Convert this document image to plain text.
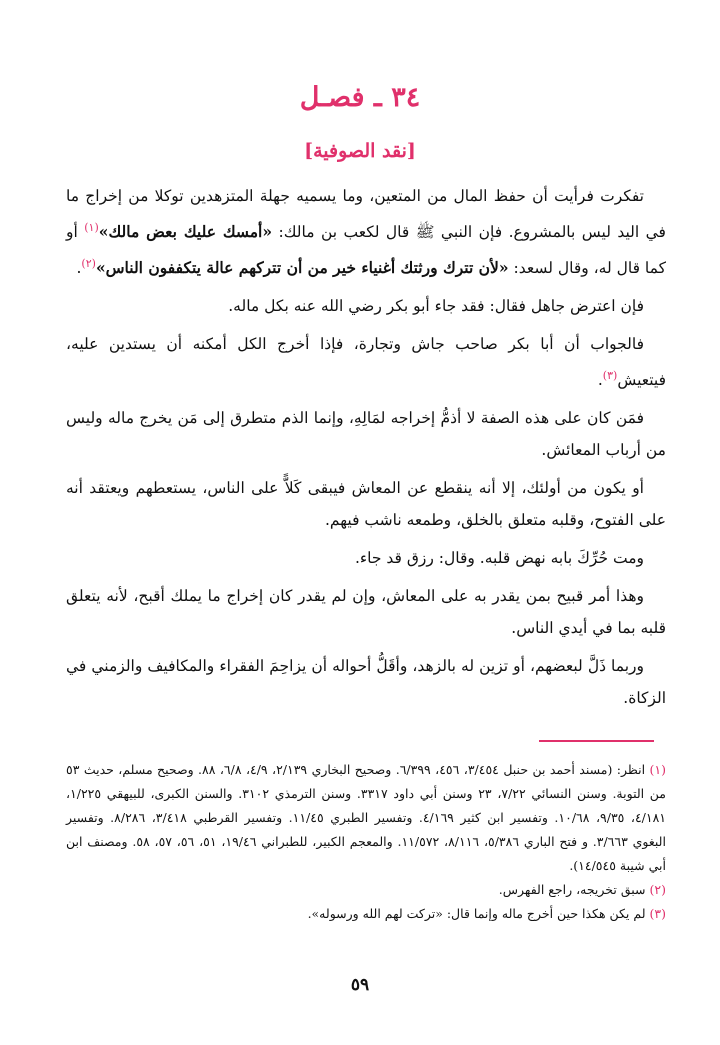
٣٤ ـ فصـل
[نقد الصوفية]

تفكرت فرأيت أن حفظ المال من المتعين، وما يسميه جهلة المتزهدين توكلا من إخراج ما في اليد ليس بالمشروع. فإن النبي ﷺ قال لكعب بن مالك: «أمسك عليك بعض مالك»$^{(١)}$ أو كما قال له، وقال لسعد: «لأن تترك ورثتك أغنياء خير من أن تتركهم عالة يتكففون الناس»$^{(٢)}$.

فإن اعترض جاهل فقال: فقد جاء أبو بكر رضي الله عنه بكل ماله.

فالجواب أن أبا بكر صاحب جاش وتجارة، فإذا أخرج الكل أمكنه أن يستدين عليه، فيتعيش$^{(٣)}$.

فمَن كان على هذه الصفة لا أذمُّ إخراجه لمَالِهِ، وإنما الذم متطرق إلى مَن يخرج ماله وليس من أرباب المعائش.

أو يكون من أولئك، إلا أنه ينقطع عن المعاش فيبقى كَلاًّ على الناس، يستعطهم ويعتقد أنه على الفتوح، وقلبه متعلق بالخلق، وطمعه ناشب فيهم.

ومت حُرِّكَ بابه نهض قلبه. وقال: رزق قد جاء.

وهذا أمر قبيح بمن يقدر به على المعاش، وإن لم يقدر كان إخراج ما يملك أقبح، لأنه يتعلق قلبه بما في أيدي الناس.

وربما ذَلَّ لبعضهم، أو تزين له بالزهد، وأقَلُّ أحواله أن يزاحِمَ الفقراء والمكافيف والزمني في الزكاة.

(١) انظر: (مسند أحمد بن حنبل ٣/٤٥٤، ٤٥٦، ٦/٣٩٩. وصحيح البخاري ٢/١٣٩، ٤/٩، ٦/٨، ٨٨. وصحيح مسلم، حديث ٥٣ من التوبة. وسنن النسائي ٧/٢٢، ٢٣ وسنن أبي داود ٣٣١٧. وسنن الترمذي ٣١٠٢. والسنن الكبرى، للبيهقي ١/٢٢٥، ٤/١٨١، ٩/٣٥، ١٠/٦٨. وتفسير ابن كثير ٤/١٦٩. وتفسير الطبري ١١/٤٥. وتفسير القرطبي ٣/٤١٨، ٨/٢٨٦. وتفسير البغوي ٣/٦٦٣. و فتح الباري ٥/٣٨٦، ٨/١١٦، ١١/٥٧٢. والمعجم الكبير، للطبراني ١٩/٤٦، ٥١، ٥٦، ٥٧، ٥٨. ومصنف ابن أبي شيبة ١٤/٥٤٥).

(٢) سبق تخريجه، راجع الفهرس.

(٣) لم يكن هكذا حين أخرج ماله وإنما قال: «تركت لهم الله ورسوله».

٥٩
